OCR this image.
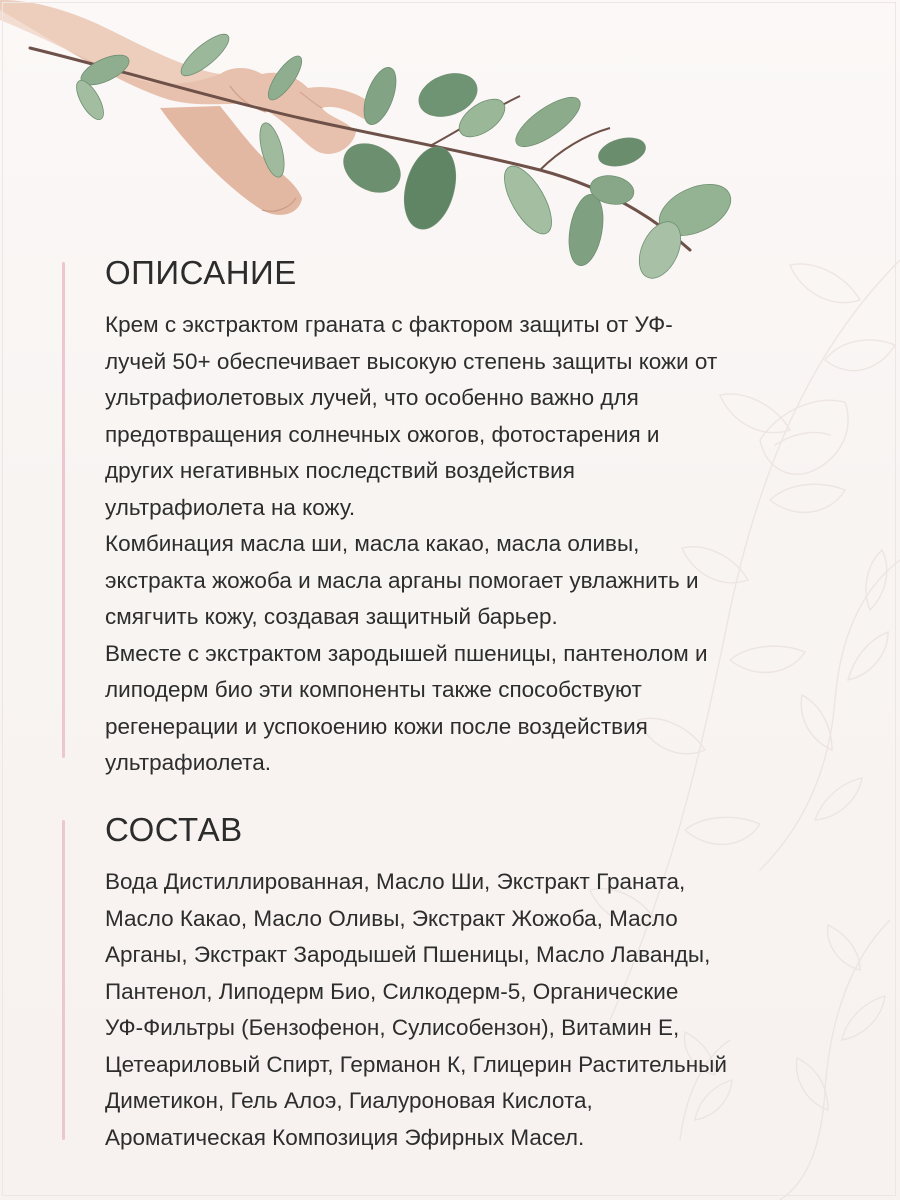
ОПИСАНИЕ

Крем с экстрактом граната с фактором защиты от УФ-
лучей 50+ обеспечивает высокую степень защиты кожи от
ультрафиолетовых лучей, что особенно важно для
предотвращения солнечных ожогов, фотостарения и
других негативных последствий воздействия
ультрафиолета на кожу.
Комбинация масла ши, масла какао, масла оливы,
экстракта жожоба и масла арганы помогает увлажнить и
смягчить кожу, создавая защитный барьер.
Вместе с экстрактом зародышей пшеницы, пантенолом и
липодерм био эти компоненты также способствуют
регенерации и успокоению кожи после воздействия
ультрафиолета.

СОСТАВ

Вода Дистиллированная, Масло Ши, Экстракт Граната,
Масло Какао, Масло Оливы, Экстракт Жожоба, Масло
Арганы, Экстракт Зародышей Пшеницы, Масло Лаванды,
Пантенол, Липодерм Био, Силкодерм-5, Органические
УФ-Фильтры (Бензофенон, Сулисобензон), Витамин Е,
Цетеариловый Спирт, Германон К, Глицерин Растительный
Диметикон, Гель Алоэ, Гиалуроновая Кислота,
Ароматическая Композиция Эфирных Масел.
